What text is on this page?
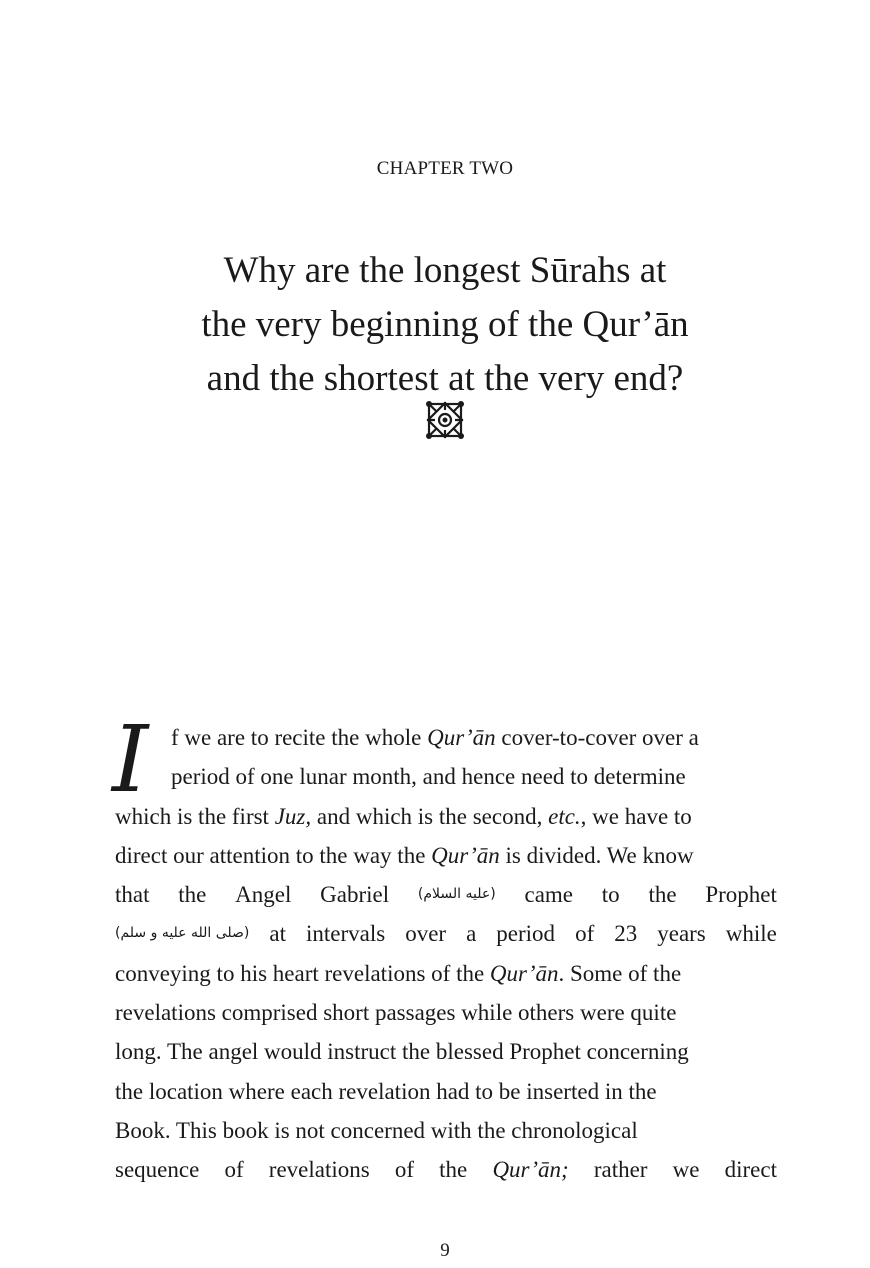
CHAPTER TWO
Why are the longest Sūrahs at
the very beginning of the Qur’ān
and the shortest at the very end?
I f we are to recite the whole Qur’ān cover-to-cover over a
period of one lunar month, and hence need to determine
which is the first Juz, and which is the second, etc., we have to
direct our attention to the way the Qur’ān is divided. We know
that the Angel Gabriel (عليه السلام) came to the Prophet
(صلى الله عليه و سلم) at intervals over a period of 23 years while
conveying to his heart revelations of the Qur’ān. Some of the
revelations comprised short passages while others were quite
long. The angel would instruct the blessed Prophet concerning
the location where each revelation had to be inserted in the
Book. This book is not concerned with the chronological
sequence of revelations of the Qur’ān; rather we direct
9
